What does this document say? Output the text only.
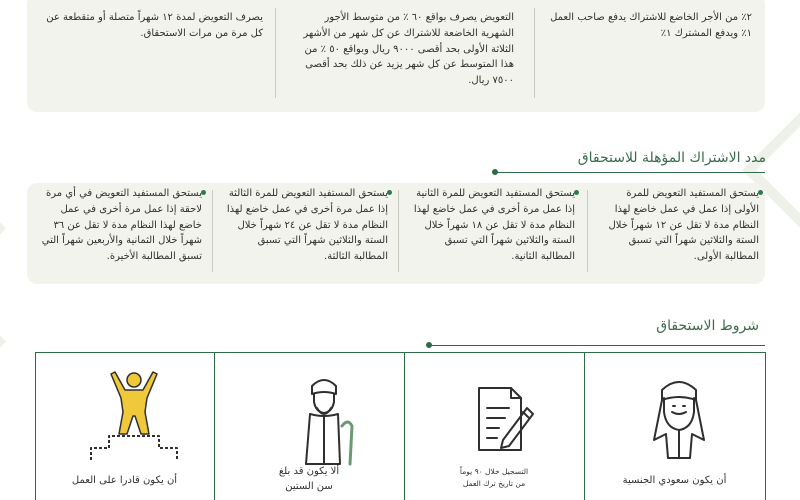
٢٪ من الأجر الخاضع للاشتراك يدفع صاحب العمل ١٪ ويدفع المشترك ١٪
التعويض يصرف بواقع ٦٠ ٪ من متوسط الأجور الشهرية الخاضعة للاشتراك عن كل شهر من الأشهر الثلاثة الأولى بحد أقصى ٩٠٠٠ ريال وبواقع ٥٠ ٪ من هذا المتوسط عن كل شهر يزيد عن ذلك بحد أقصى ٧٥٠٠ ريال.
يصرف التعويض لمدة ١٢ شهراً متصلة أو متقطعة عن كل مرة من مرات الاستحقاق.
مدد الاشتراك المؤهلة للاستحقاق
يستحق المستفيد التعويض للمرة الأولى إذا عمل في عمل خاضع لهذا النظام مدة لا تقل عن ١٢ شهراً خلال الستة والثلاثين شهراً التي تسبق المطالبة الأولى.
يستحق المستفيد التعويض للمرة الثانية إذا عمل مرة أخرى في عمل خاضع لهذا النظام مدة لا تقل عن ١٨ شهراً خلال الستة والثلاثين شهراً التي تسبق المطالبة الثانية.
يستحق المستفيد التعويض للمرة الثالثة إذا عمل مرة أخرى في عمل خاضع لهذا النظام مدة لا تقل عن ٢٤ شهراً خلال الستة والثلاثين شهراً التي تسبق المطالبة الثالثة.
يستحق المستفيد التعويض في أي مرة لاحقة إذا عمل مرة أخرى في عمل خاضع لهذا النظام مدة لا تقل عن ٣٦ شهراً خلال الثمانية والأربعين شهراً التي تسبق المطالبة الأخيرة.
شروط الاستحقاق
أن يكون سعودي الجنسية
التسجيل خلال ٩٠ يوماً
من تاريخ ترك العمل
ألا يكون قد بلغ
سن الستين
أن يكون قادرا على العمل
